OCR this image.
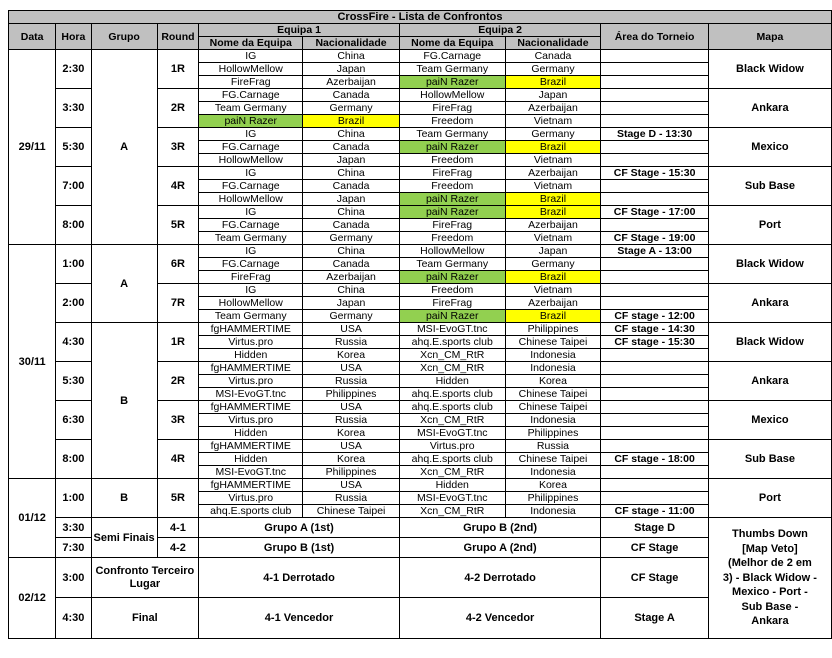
CrossFire - Lista de Confrontos									
Data	Hora	Grupo	Round	Equipa 1		Equipa 2		Área do Torneio	Mapa
				Nome da Equipa	Nacionalidade	Nome da Equipa	Nacionalidade		
29/11	2:30	A	1R	IG	China	FG.Carnage	Canada		Black Widow
				HollowMellow	Japan	Team Germany	Germany		
				FireFrag	Azerbaijan	paiN Razer	Brazil		
	3:30		2R	FG.Carnage	Canada	HollowMellow	Japan		Ankara
				Team Germany	Germany	FireFrag	Azerbaijan		
				paiN Razer	Brazil	Freedom	Vietnam		
	5:30		3R	IG	China	Team Germany	Germany	Stage D - 13:30	Mexico
				FG.Carnage	Canada	paiN Razer	Brazil		
				HollowMellow	Japan	Freedom	Vietnam		
	7:00		4R	IG	China	FireFrag	Azerbaijan	CF Stage - 15:30	Sub Base
				FG.Carnage	Canada	Freedom	Vietnam		
				HollowMellow	Japan	paiN Razer	Brazil		
	8:00		5R	IG	China	paiN Razer	Brazil	CF Stage - 17:00	Port
				FG.Carnage	Canada	FireFrag	Azerbaijan		
				Team Germany	Germany	Freedom	Vietnam	CF Stage - 19:00	
30/11	1:00	A	6R	IG	China	HollowMellow	Japan	Stage A - 13:00	Black Widow
				FG.Carnage	Canada	Team Germany	Germany		
				FireFrag	Azerbaijan	paiN Razer	Brazil		
	2:00		7R	IG	China	Freedom	Vietnam		Ankara
				HollowMellow	Japan	FireFrag	Azerbaijan		
				Team Germany	Germany	paiN Razer	Brazil	CF stage - 12:00	
	4:30	B	1R	fgHAMMERTIME	USA	MSI-EvoGT.tnc	Philippines	CF stage - 14:30	Black Widow
				Virtus.pro	Russia	ahq.E.sports club	Chinese Taipei	CF stage - 15:30	
				Hidden	Korea	Xcn_CM_RtR	Indonesia		
	5:30		2R	fgHAMMERTIME	USA	Xcn_CM_RtR	Indonesia		Ankara
				Virtus.pro	Russia	Hidden	Korea		
				MSI-EvoGT.tnc	Philippines	ahq.E.sports club	Chinese Taipei		
	6:30		3R	fgHAMMERTIME	USA	ahq.E.sports club	Chinese Taipei		Mexico
				Virtus.pro	Russia	Xcn_CM_RtR	Indonesia		
				Hidden	Korea	MSI-EvoGT.tnc	Philippines		
	8:00		4R	fgHAMMERTIME	USA	Virtus.pro	Russia		Sub Base
				Hidden	Korea	ahq.E.sports club	Chinese Taipei	CF stage - 18:00	
				MSI-EvoGT.tnc	Philippines	Xcn_CM_RtR	Indonesia		
01/12	1:00	B	5R	fgHAMMERTIME	USA	Hidden	Korea		Port
				Virtus.pro	Russia	MSI-EvoGT.tnc	Philippines		
				ahq.E.sports club	Chinese Taipei	Xcn_CM_RtR	Indonesia	CF stage - 11:00	
	3:30	Semi Finais	4-1	Grupo A (1st)		Grupo B (2nd)		Stage D	Thumbs Down [Map Veto] (Melhor de 2 em 3) - Black Widow - Mexico - Port - Sub Base - Ankara
	7:30		4-2	Grupo B (1st)		Grupo A (2nd)		CF Stage	
02/12	3:00	Confronto Terceiro Lugar		4-1 Derrotado		4-2 Derrotado		CF Stage	
	4:30	Final		4-1 Vencedor		4-2 Vencedor		Stage A	
